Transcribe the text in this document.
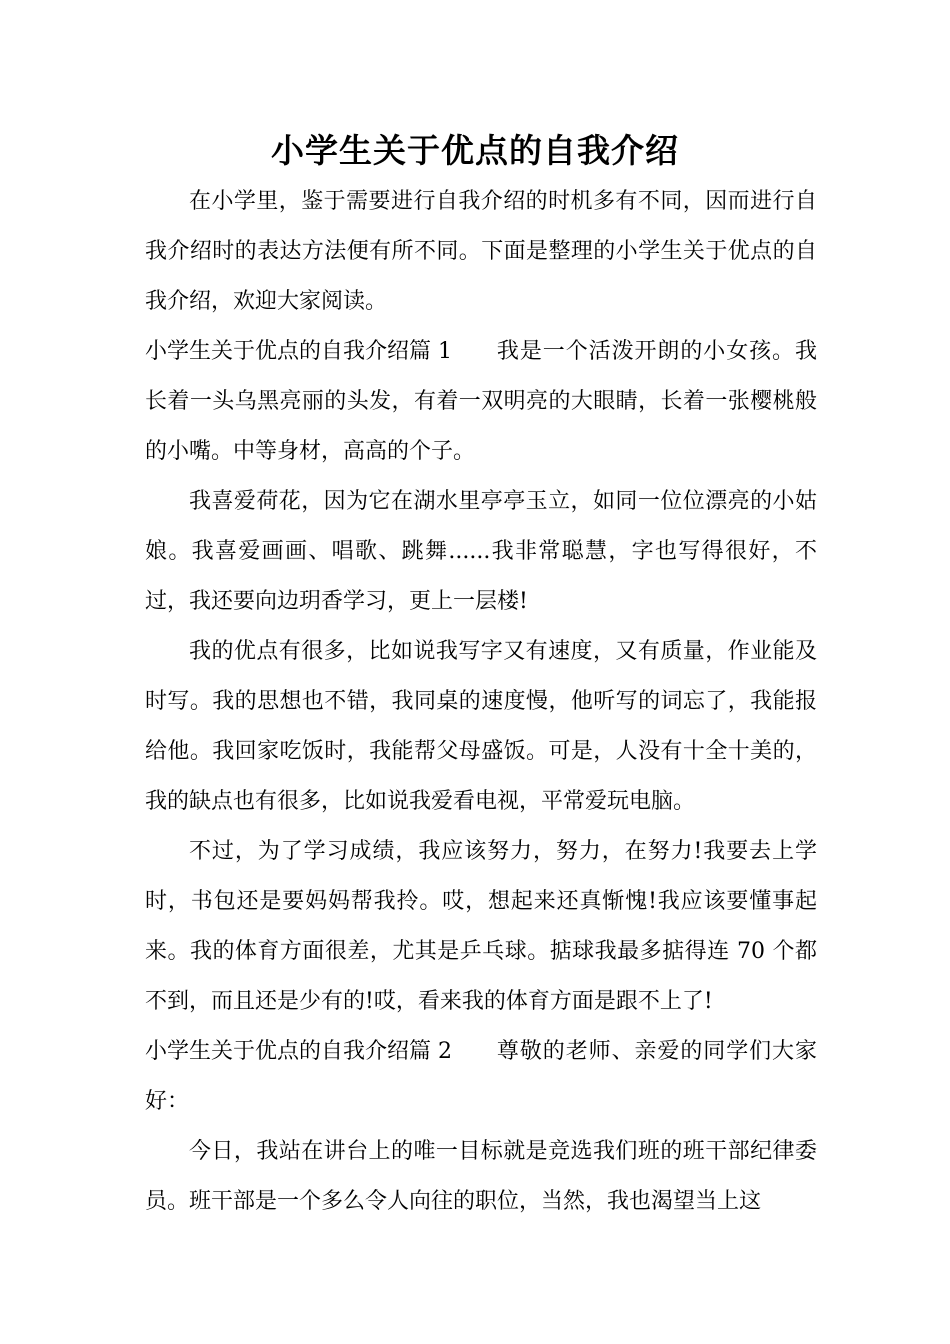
小学生关于优点的自我介绍

在小学里，鉴于需要进行自我介绍的时机多有不同，因而进行自我介绍时的表达方法便有所不同。下面是整理的小学生关于优点的自我介绍，欢迎大家阅读。

小学生关于优点的自我介绍篇 1 我是一个活泼开朗的小女孩。我长着一头乌黑亮丽的头发，有着一双明亮的大眼睛，长着一张樱桃般的小嘴。中等身材，高高的个子。

我喜爱荷花，因为它在湖水里亭亭玉立，如同一位位漂亮的小姑娘。我喜爱画画、唱歌、跳舞......我非常聪慧，字也写得很好，不过，我还要向边玥香学习，更上一层楼!

我的优点有很多，比如说我写字又有速度，又有质量，作业能及时写。我的思想也不错，我同桌的速度慢，他听写的词忘了，我能报给他。我回家吃饭时，我能帮父母盛饭。可是，人没有十全十美的，我的缺点也有很多，比如说我爱看电视，平常爱玩电脑。

不过，为了学习成绩，我应该努力，努力，在努力!我要去上学时，书包还是要妈妈帮我拎。哎，想起来还真惭愧!我应该要懂事起来。我的体育方面很差，尤其是乒乓球。掂球我最多掂得连 70 个都不到，而且还是少有的!哎，看来我的体育方面是跟不上了!

小学生关于优点的自我介绍篇 2 尊敬的老师、亲爱的同学们大家好：

今日，我站在讲台上的唯一目标就是竞选我们班的班干部纪律委员。班干部是一个多么令人向往的职位，当然，我也渴望当上这
